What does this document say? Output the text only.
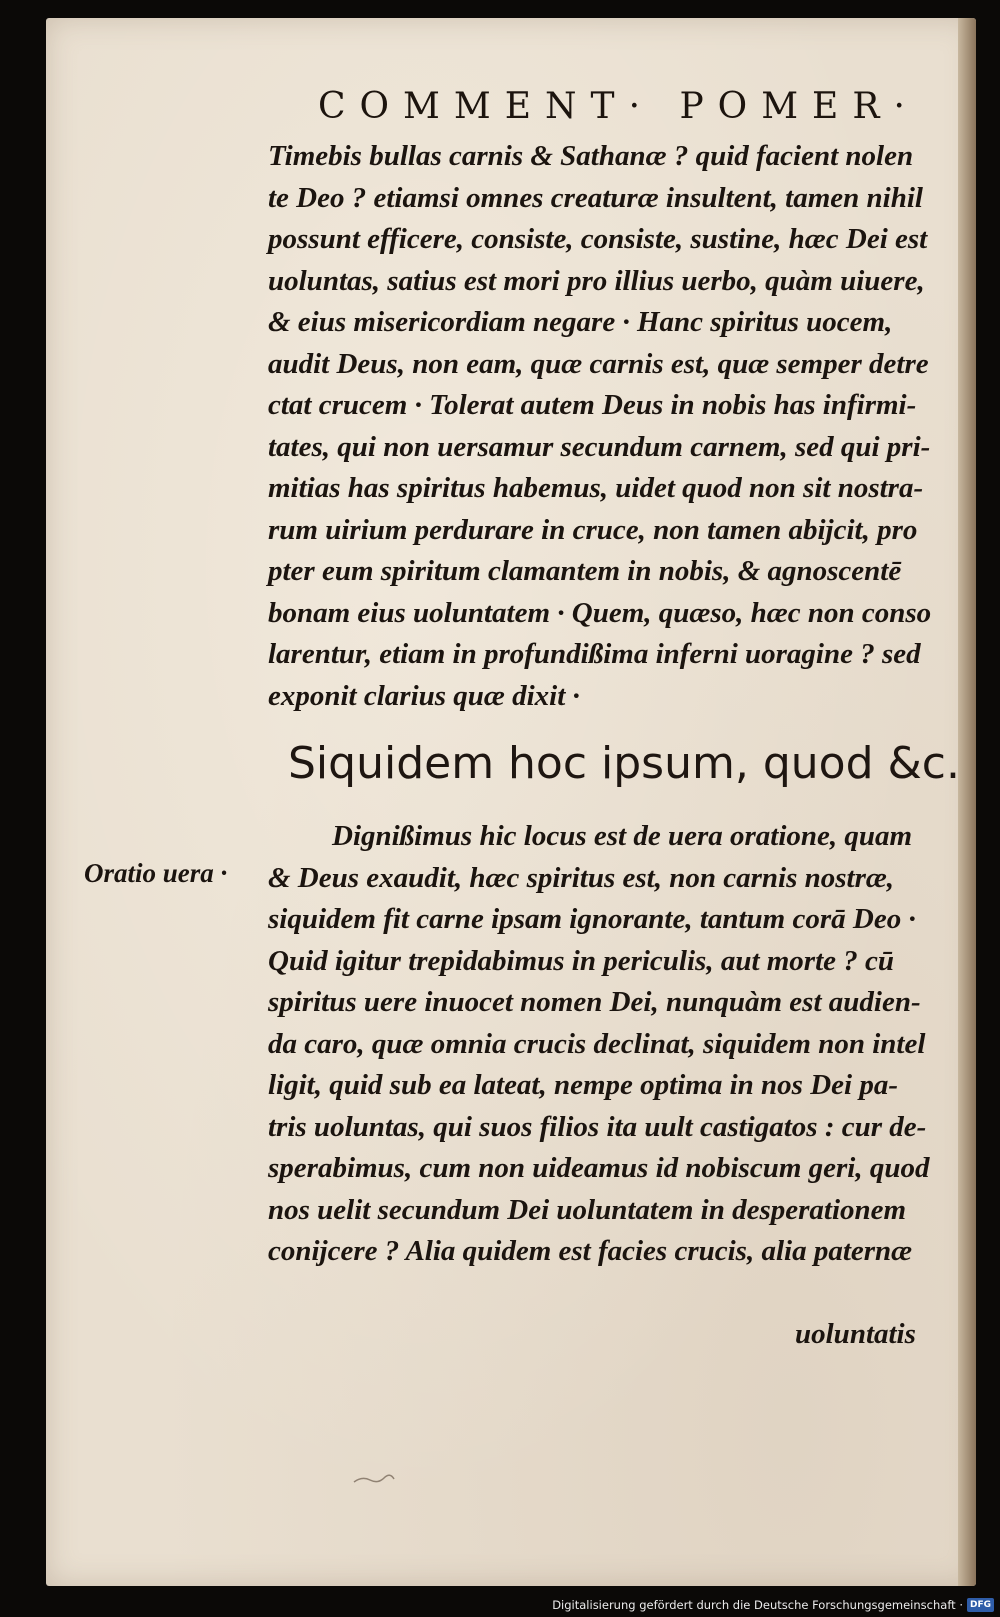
COMMENT· POMER·
Timebis bullas carnis & Sathanæ ? quid facient nolen
te Deo ? etiamsi omnes creaturæ insultent, tamen nihil
possunt efficere, consiste, consiste, sustine, hæc Dei est
uoluntas, satius est mori pro illius uerbo, quàm uiuere,
& eius misericordiam negare · Hanc spiritus uocem,
audit Deus, non eam, quæ carnis est, quæ semper detre
ctat crucem · Tolerat autem Deus in nobis has infirmi-
tates, qui non uersamur secundum carnem, sed qui pri-
mitias has spiritus habemus, uidet quod non sit nostra-
rum uirium perdurare in cruce, non tamen abijcit, pro
pter eum spiritum clamantem in nobis, & agnoscentē
bonam eius uoluntatem · Quem, quæso, hæc non conso
larentur, etiam in profundißima inferni uoragine ? sed
exponit clarius quæ dixit ·
Siquidem hoc ipsum, quod &c.
Oratio uera ·
Dignißimus hic locus est de uera oratione, quam
& Deus exaudit, hæc spiritus est, non carnis nostræ,
siquidem fit carne ipsam ignorante, tantum corā Deo ·
Quid igitur trepidabimus in periculis, aut morte ? cū
spiritus uere inuocet nomen Dei, nunquàm est audien-
da caro, quæ omnia crucis declinat, siquidem non intel
ligit, quid sub ea lateat, nempe optima in nos Dei pa-
tris uoluntas, qui suos filios ita uult castigatos : cur de-
sperabimus, cum non uideamus id nobiscum geri, quod
nos uelit secundum Dei uoluntatem in desperationem
conijcere ? Alia quidem est facies crucis, alia paternæ
uoluntatis
Digitalisierung gefördert durch die Deutsche Forschungsgemeinschaft · DFG
